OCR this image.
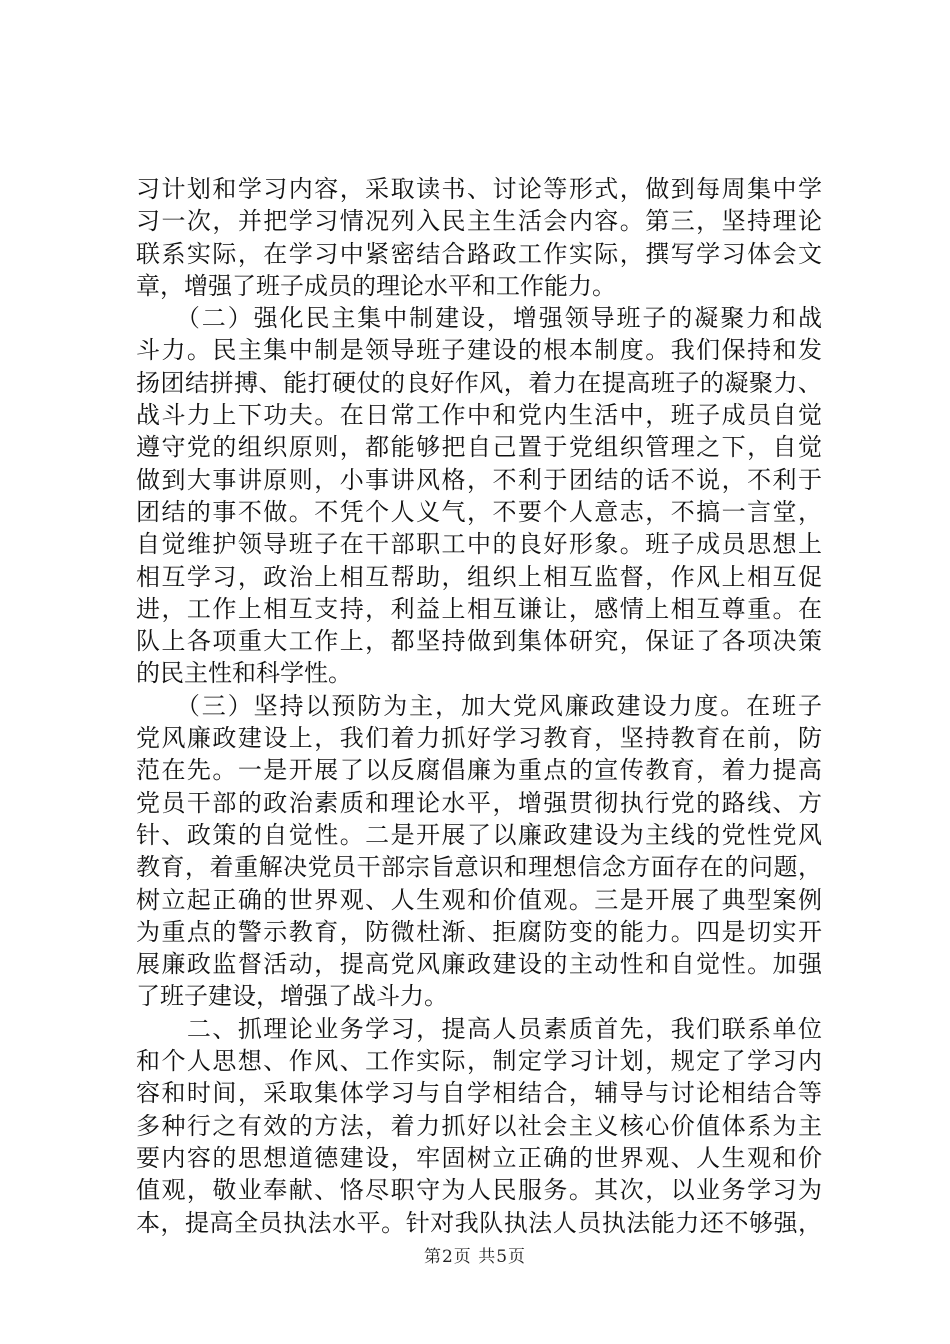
习计划和学习内容，采取读书、讨论等形式，做到每周集中学
习一次，并把学习情况列入民主生活会内容。第三，坚持理论
联系实际，在学习中紧密结合路政工作实际，撰写学习体会文
章，增强了班子成员的理论水平和工作能力。
　　（二）强化民主集中制建设，增强领导班子的凝聚力和战
斗力。民主集中制是领导班子建设的根本制度。我们保持和发
扬团结拼搏、能打硬仗的良好作风，着力在提高班子的凝聚力、
战斗力上下功夫。在日常工作中和党内生活中，班子成员自觉
遵守党的组织原则，都能够把自己置于党组织管理之下，自觉
做到大事讲原则，小事讲风格，不利于团结的话不说，不利于
团结的事不做。不凭个人义气，不要个人意志，不搞一言堂，
自觉维护领导班子在干部职工中的良好形象。班子成员思想上
相互学习，政治上相互帮助，组织上相互监督，作风上相互促
进，工作上相互支持，利益上相互谦让，感情上相互尊重。在
队上各项重大工作上，都坚持做到集体研究，保证了各项决策
的民主性和科学性。
　　（三）坚持以预防为主，加大党风廉政建设力度。在班子
党风廉政建设上，我们着力抓好学习教育，坚持教育在前，防
范在先。一是开展了以反腐倡廉为重点的宣传教育，着力提高
党员干部的政治素质和理论水平，增强贯彻执行党的路线、方
针、政策的自觉性。二是开展了以廉政建设为主线的党性党风
教育，着重解决党员干部宗旨意识和理想信念方面存在的问题，
树立起正确的世界观、人生观和价值观。三是开展了典型案例
为重点的警示教育，防微杜渐、拒腐防变的能力。四是切实开
展廉政监督活动，提高党风廉政建设的主动性和自觉性。加强
了班子建设，增强了战斗力。
　　二、抓理论业务学习，提高人员素质首先，我们联系单位
和个人思想、作风、工作实际，制定学习计划，规定了学习内
容和时间，采取集体学习与自学相结合，辅导与讨论相结合等
多种行之有效的方法，着力抓好以社会主义核心价值体系为主
要内容的思想道德建设，牢固树立正确的世界观、人生观和价
值观，敬业奉献、恪尽职守为人民服务。其次，以业务学习为
本，提高全员执法水平。针对我队执法人员执法能力还不够强，
第2页 共5页
